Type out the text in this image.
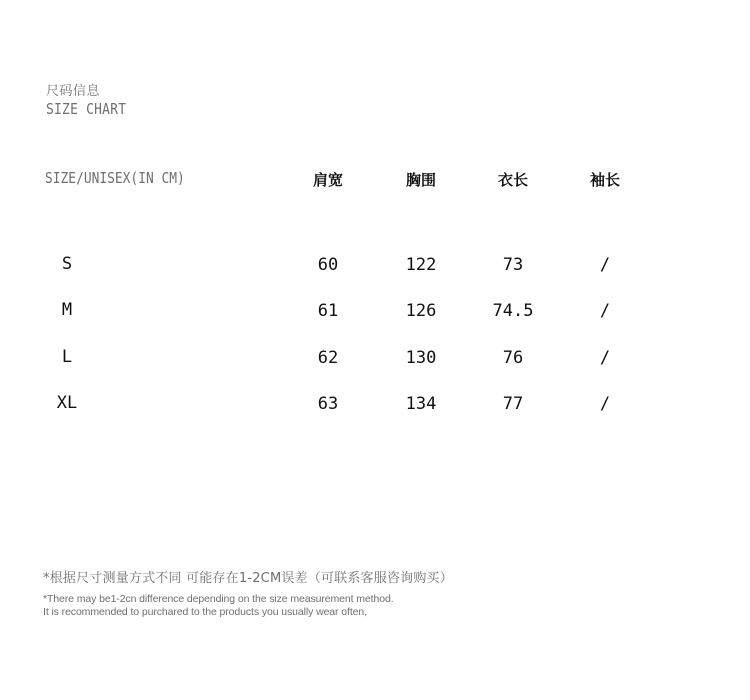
尺码信息
SIZE CHART
SIZE/UNISEX(IN CM)	肩宽	胸围	衣长	袖长
S	60	122	73	/
M	61	126	74.5	/
L	62	130	76	/
XL	63	134	77	/
*根据尺寸测量方式不同 可能存在1-2CM误差（可联系客服咨询购买）
*There may be1-2cn difference depending on the size measurement method.
It is recommended to purchared to the products you usually wear often,
